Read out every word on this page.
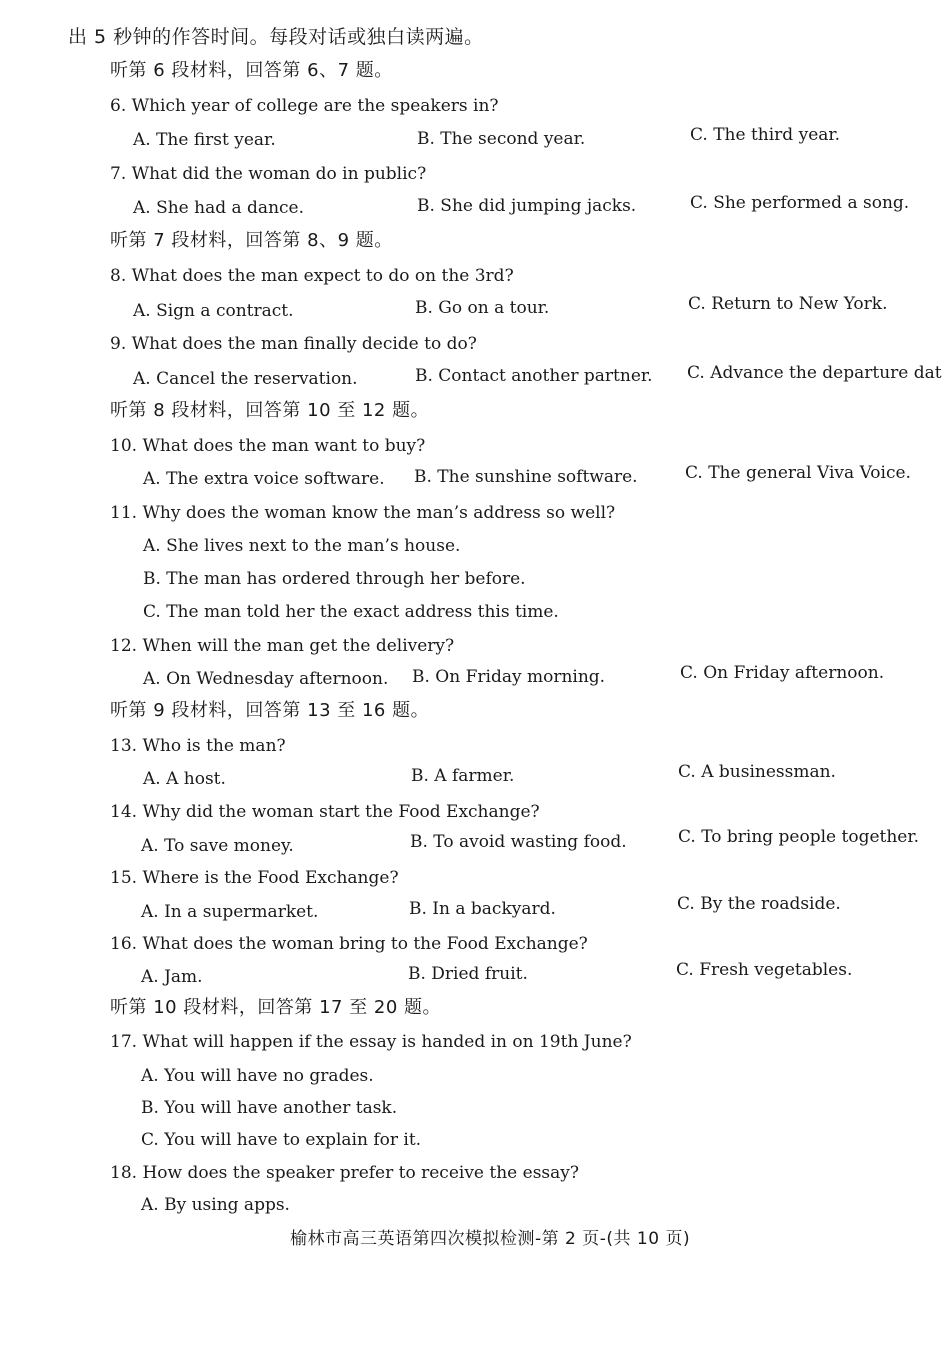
出 5 秒钟的作答时间。每段对话或独白读两遍。
听第 6 段材料，回答第 6、7 题。
6. Which year of college are the speakers in?
A. The first year.	B. The second year.	C. The third year.
7. What did the woman do in public?
A. She had a dance.	B. She did jumping jacks.	C. She performed a song.
听第 7 段材料，回答第 8、9 题。
8. What does the man expect to do on the 3rd?
A. Sign a contract.	B. Go on a tour.	C. Return to New York.
9. What does the man finally decide to do?
A. Cancel the reservation.	B. Contact another partner. C. Advance the departure dat
听第 8 段材料，回答第 10 至 12 题。
10. What does the man want to buy?
A. The extra voice software. B. The sunshine software.	C. The general Viva Voice.
11. Why does the woman know the man’s address so well?
A. She lives next to the man’s house.
B. The man has ordered through her before.
C. The man told her the exact address this time.
12. When will the man get the delivery?
A. On Wednesday afternoon. B. On Friday morning.	C. On Friday afternoon.
听第 9 段材料，回答第 13 至 16 题。
13. Who is the man?
A. A host.	B. A farmer.	C. A businessman.
14. Why did the woman start the Food Exchange?
A. To save money.	B. To avoid wasting food.	C. To bring people together.
15. Where is the Food Exchange?
A. In a supermarket.	B. In a backyard.	C. By the roadside.
16. What does the woman bring to the Food Exchange?
A. Jam.	B. Dried fruit.	C. Fresh vegetables.
听第 10 段材料，回答第 17 至 20 题。
17. What will happen if the essay is handed in on 19th June?
A. You will have no grades.
B. You will have another task.
C. You will have to explain for it.
18. How does the speaker prefer to receive the essay?
A. By using apps.
榆林市高三英语第四次模拟检测-第 2 页-(共 10 页)
